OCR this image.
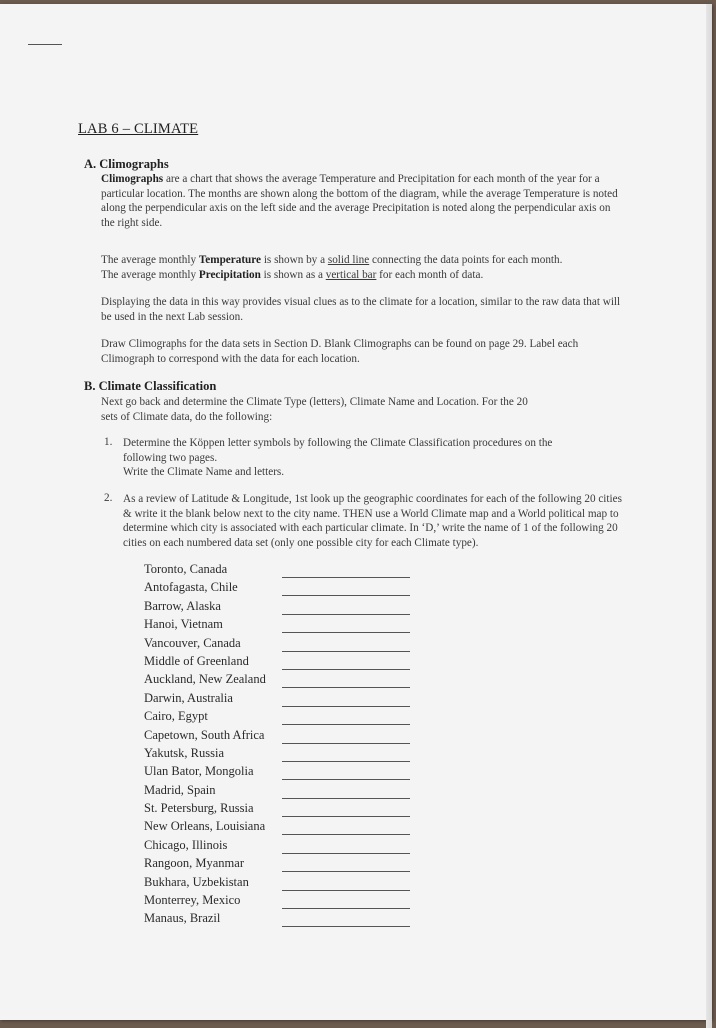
LAB 6 – CLIMATE
A. Climographs
Climographs are a chart that shows the average Temperature and Precipitation for each month of the year for a particular location. The months are shown along the bottom of the diagram, while the average Temperature is noted along the perpendicular axis on the left side and the average Precipitation is noted along the perpendicular axis on the right side.
The average monthly Temperature is shown by a solid line connecting the data points for each month.
The average monthly Precipitation is shown as a vertical bar for each month of data.
Displaying the data in this way provides visual clues as to the climate for a location, similar to the raw data that will be used in the next Lab session.
Draw Climographs for the data sets in Section D. Blank Climographs can be found on page 29. Label each Climograph to correspond with the data for each location.
B. Climate Classification
Next go back and determine the Climate Type (letters), Climate Name and Location. For the 20 sets of Climate data, do the following:
1. Determine the Köppen letter symbols by following the Climate Classification procedures on the following two pages.
Write the Climate Name and letters.
2. As a review of Latitude & Longitude, 1st look up the geographic coordinates for each of the following 20 cities & write it the blank below next to the city name. THEN use a World Climate map and a World political map to determine which city is associated with each particular climate. In ‘D,’ write the name of 1 of the following 20 cities on each numbered data set (only one possible city for each Climate type).
Toronto, Canada
Antofagasta, Chile
Barrow, Alaska
Hanoi, Vietnam
Vancouver, Canada
Middle of Greenland
Auckland, New Zealand
Darwin, Australia
Cairo, Egypt
Capetown, South Africa
Yakutsk, Russia
Ulan Bator, Mongolia
Madrid, Spain
St. Petersburg, Russia
New Orleans, Louisiana
Chicago, Illinois
Rangoon, Myanmar
Bukhara, Uzbekistan
Monterrey, Mexico
Manaus, Brazil
